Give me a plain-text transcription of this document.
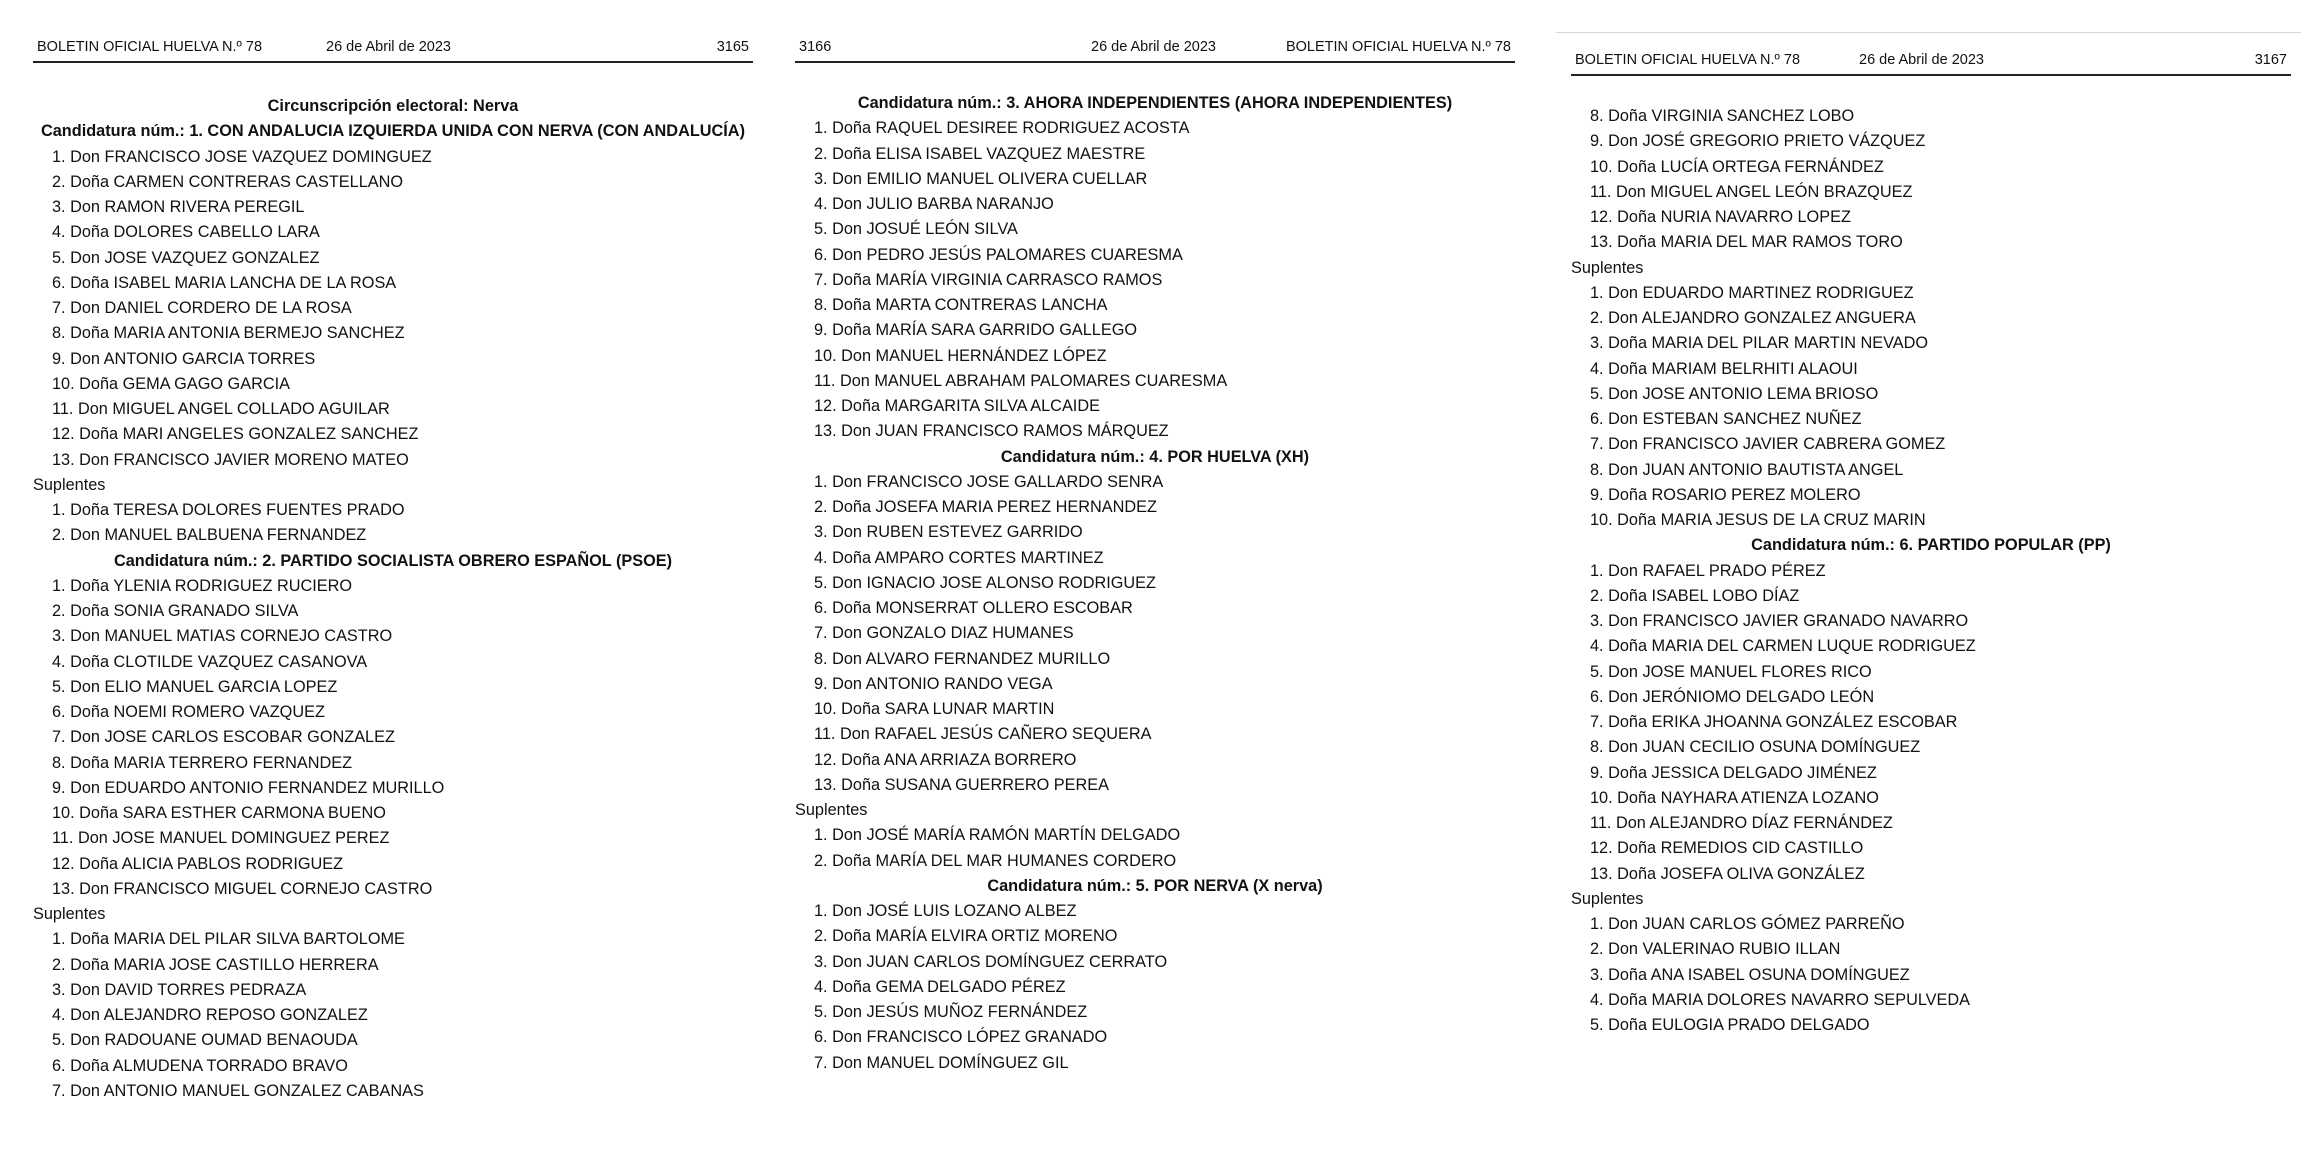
BOLETIN OFICIAL HUELVA N.º 78	26 de Abril de 2023	3165
Circunscripción electoral: Nerva
Candidatura núm.: 1. CON ANDALUCIA IZQUIERDA UNIDA CON NERVA (CON ANDALUCÍA)
1. Don FRANCISCO JOSE VAZQUEZ DOMINGUEZ
2. Doña CARMEN CONTRERAS CASTELLANO
3. Don RAMON RIVERA PEREGIL
4. Doña DOLORES CABELLO LARA
5. Don JOSE VAZQUEZ GONZALEZ
6. Doña ISABEL MARIA LANCHA DE LA ROSA
7. Don DANIEL CORDERO DE LA ROSA
8. Doña MARIA ANTONIA BERMEJO SANCHEZ
9. Don ANTONIO GARCIA TORRES
10. Doña GEMA GAGO GARCIA
11. Don MIGUEL ANGEL COLLADO AGUILAR
12. Doña MARI ANGELES GONZALEZ SANCHEZ
13. Don FRANCISCO JAVIER MORENO MATEO
Suplentes
1. Doña TERESA DOLORES FUENTES PRADO
2. Don MANUEL BALBUENA FERNANDEZ
Candidatura núm.: 2. PARTIDO SOCIALISTA OBRERO ESPAÑOL (PSOE)
1. Doña YLENIA RODRIGUEZ RUCIERO
2. Doña SONIA GRANADO SILVA
3. Don MANUEL MATIAS CORNEJO CASTRO
4. Doña CLOTILDE VAZQUEZ CASANOVA
5. Don ELIO MANUEL GARCIA LOPEZ
6. Doña NOEMI ROMERO VAZQUEZ
7. Don JOSE CARLOS ESCOBAR GONZALEZ
8. Doña MARIA TERRERO FERNANDEZ
9. Don EDUARDO ANTONIO FERNANDEZ MURILLO
10. Doña SARA ESTHER CARMONA BUENO
11. Don JOSE MANUEL DOMINGUEZ PEREZ
12. Doña ALICIA PABLOS RODRIGUEZ
13. Don FRANCISCO MIGUEL CORNEJO CASTRO
Suplentes
1. Doña MARIA DEL PILAR SILVA BARTOLOME
2. Doña MARIA JOSE CASTILLO HERRERA
3. Don DAVID TORRES PEDRAZA
4. Don ALEJANDRO REPOSO GONZALEZ
5. Don RADOUANE OUMAD BENAOUDA
6. Doña ALMUDENA TORRADO BRAVO
7. Don ANTONIO MANUEL GONZALEZ CABANAS
3166	26 de Abril de 2023	BOLETIN OFICIAL HUELVA N.º 78
Candidatura núm.: 3. AHORA INDEPENDIENTES (AHORA INDEPENDIENTES)
1. Doña RAQUEL DESIREE RODRIGUEZ ACOSTA
2. Doña ELISA ISABEL VAZQUEZ MAESTRE
3. Don EMILIO MANUEL OLIVERA CUELLAR
4. Don JULIO BARBA NARANJO
5. Don JOSUÉ LEÓN SILVA
6. Don PEDRO JESÚS PALOMARES CUARESMA
7. Doña MARÍA VIRGINIA CARRASCO RAMOS
8. Doña MARTA CONTRERAS LANCHA
9. Doña MARÍA SARA GARRIDO GALLEGO
10. Don MANUEL HERNÁNDEZ LÓPEZ
11. Don MANUEL ABRAHAM PALOMARES CUARESMA
12. Doña MARGARITA SILVA ALCAIDE
13. Don JUAN FRANCISCO RAMOS MÁRQUEZ
Candidatura núm.: 4. POR HUELVA (XH)
1. Don FRANCISCO JOSE GALLARDO SENRA
2. Doña JOSEFA MARIA PEREZ HERNANDEZ
3. Don RUBEN ESTEVEZ GARRIDO
4. Doña AMPARO CORTES MARTINEZ
5. Don IGNACIO JOSE ALONSO RODRIGUEZ
6. Doña MONSERRAT OLLERO ESCOBAR
7. Don GONZALO DIAZ HUMANES
8. Don ALVARO FERNANDEZ MURILLO
9. Don ANTONIO RANDO VEGA
10. Doña SARA LUNAR MARTIN
11. Don RAFAEL JESÚS CAÑERO SEQUERA
12. Doña ANA ARRIAZA BORRERO
13. Doña SUSANA GUERRERO PEREA
Suplentes
1. Don JOSÉ MARÍA RAMÓN MARTÍN DELGADO
2. Doña MARÍA DEL MAR HUMANES CORDERO
Candidatura núm.: 5. POR NERVA (X nerva)
1. Don JOSÉ LUIS LOZANO ALBEZ
2. Doña MARÍA ELVIRA ORTIZ MORENO
3. Don JUAN CARLOS DOMÍNGUEZ CERRATO
4. Doña GEMA DELGADO PÉREZ
5. Don JESÚS MUÑOZ FERNÁNDEZ
6. Don FRANCISCO LÓPEZ GRANADO
7. Don MANUEL DOMÍNGUEZ GIL
BOLETIN OFICIAL HUELVA N.º 78	26 de Abril de 2023	3167
8. Doña VIRGINIA SANCHEZ LOBO
9. Don JOSÉ GREGORIO PRIETO VÁZQUEZ
10. Doña LUCÍA ORTEGA FERNÁNDEZ
11. Don MIGUEL ANGEL LEÓN BRAZQUEZ
12. Doña NURIA NAVARRO LOPEZ
13. Doña MARIA DEL MAR RAMOS TORO
Suplentes
1. Don EDUARDO MARTINEZ RODRIGUEZ
2. Don ALEJANDRO GONZALEZ ANGUERA
3. Doña MARIA DEL PILAR MARTIN NEVADO
4. Doña MARIAM BELRHITI ALAOUI
5. Don JOSE ANTONIO LEMA BRIOSO
6. Don ESTEBAN SANCHEZ NUÑEZ
7. Don FRANCISCO JAVIER CABRERA GOMEZ
8. Don JUAN ANTONIO BAUTISTA ANGEL
9. Doña ROSARIO PEREZ MOLERO
10. Doña MARIA JESUS DE LA CRUZ MARIN
Candidatura núm.: 6. PARTIDO POPULAR (PP)
1. Don RAFAEL PRADO PÉREZ
2. Doña ISABEL LOBO DÍAZ
3. Don FRANCISCO JAVIER GRANADO NAVARRO
4. Doña MARIA DEL CARMEN LUQUE RODRIGUEZ
5. Don JOSE MANUEL FLORES RICO
6. Don JERÓNIOMO DELGADO LEÓN
7. Doña ERIKA JHOANNA GONZÁLEZ ESCOBAR
8. Don JUAN CECILIO OSUNA DOMÍNGUEZ
9. Doña JESSICA DELGADO JIMÉNEZ
10. Doña NAYHARA ATIENZA LOZANO
11. Don ALEJANDRO DÍAZ FERNÁNDEZ
12. Doña REMEDIOS CID CASTILLO
13. Doña JOSEFA OLIVA GONZÁLEZ
Suplentes
1. Don JUAN CARLOS GÓMEZ PARREÑO
2. Don VALERINAO RUBIO ILLAN
3. Doña ANA ISABEL OSUNA DOMÍNGUEZ
4. Doña MARIA DOLORES NAVARRO SEPULVEDA
5. Doña EULOGIA PRADO DELGADO
